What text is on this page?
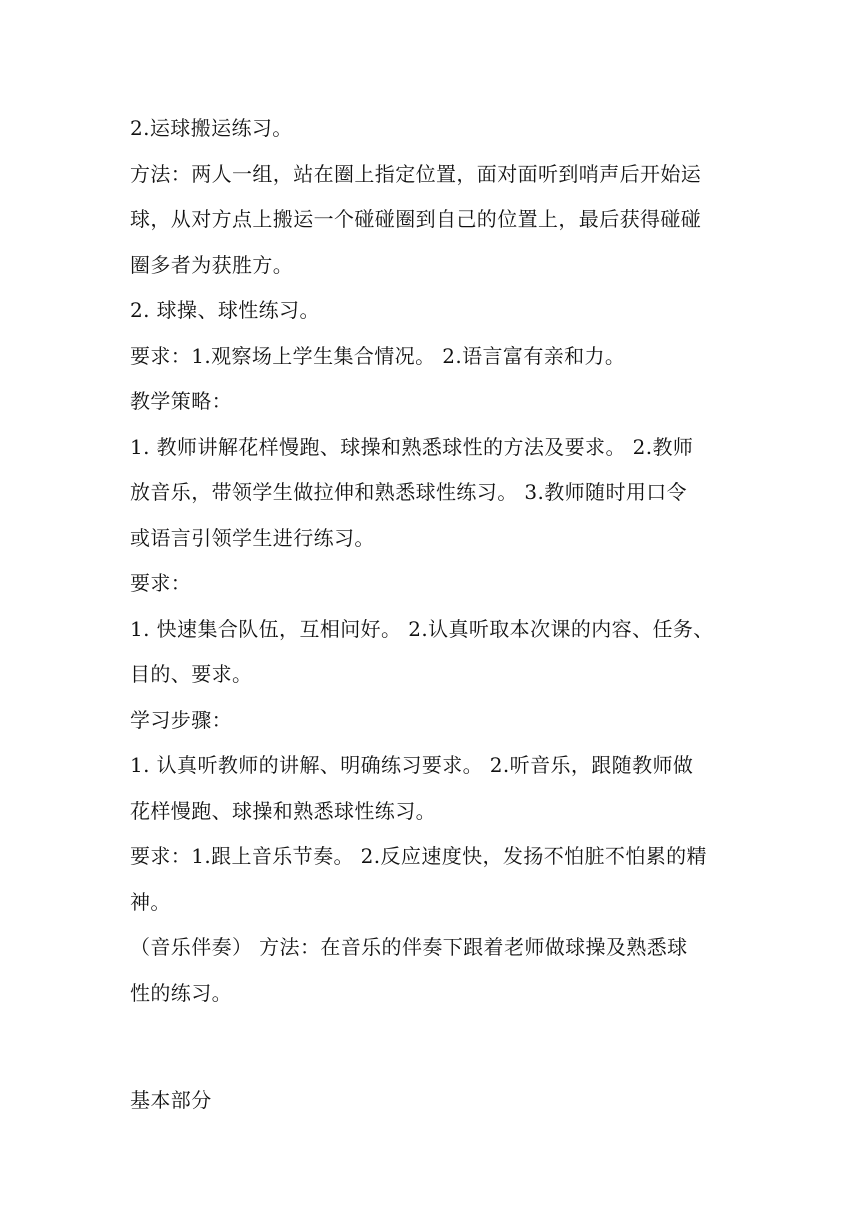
2.运球搬运练习。
方法：两人一组，站在圈上指定位置，面对面听到哨声后开始运
球，从对方点上搬运一个碰碰圈到自己的位置上，最后获得碰碰
圈多者为获胜方。
2. 球操、球性练习。
要求：1.观察场上学生集合情况。 2.语言富有亲和力。
教学策略：
1. 教师讲解花样慢跑、球操和熟悉球性的方法及要求。 2.教师
放音乐，带领学生做拉伸和熟悉球性练习。 3.教师随时用口令
或语言引领学生进行练习。
要求：
1. 快速集合队伍，互相问好。 2.认真听取本次课的内容、任务、
目的、要求。
学习步骤：
1. 认真听教师的讲解、明确练习要求。 2.听音乐，跟随教师做
花样慢跑、球操和熟悉球性练习。
要求：1.跟上音乐节奏。 2.反应速度快，发扬不怕脏不怕累的精
神。
（音乐伴奏） 方法：在音乐的伴奏下跟着老师做球操及熟悉球
性的练习。
基本部分
